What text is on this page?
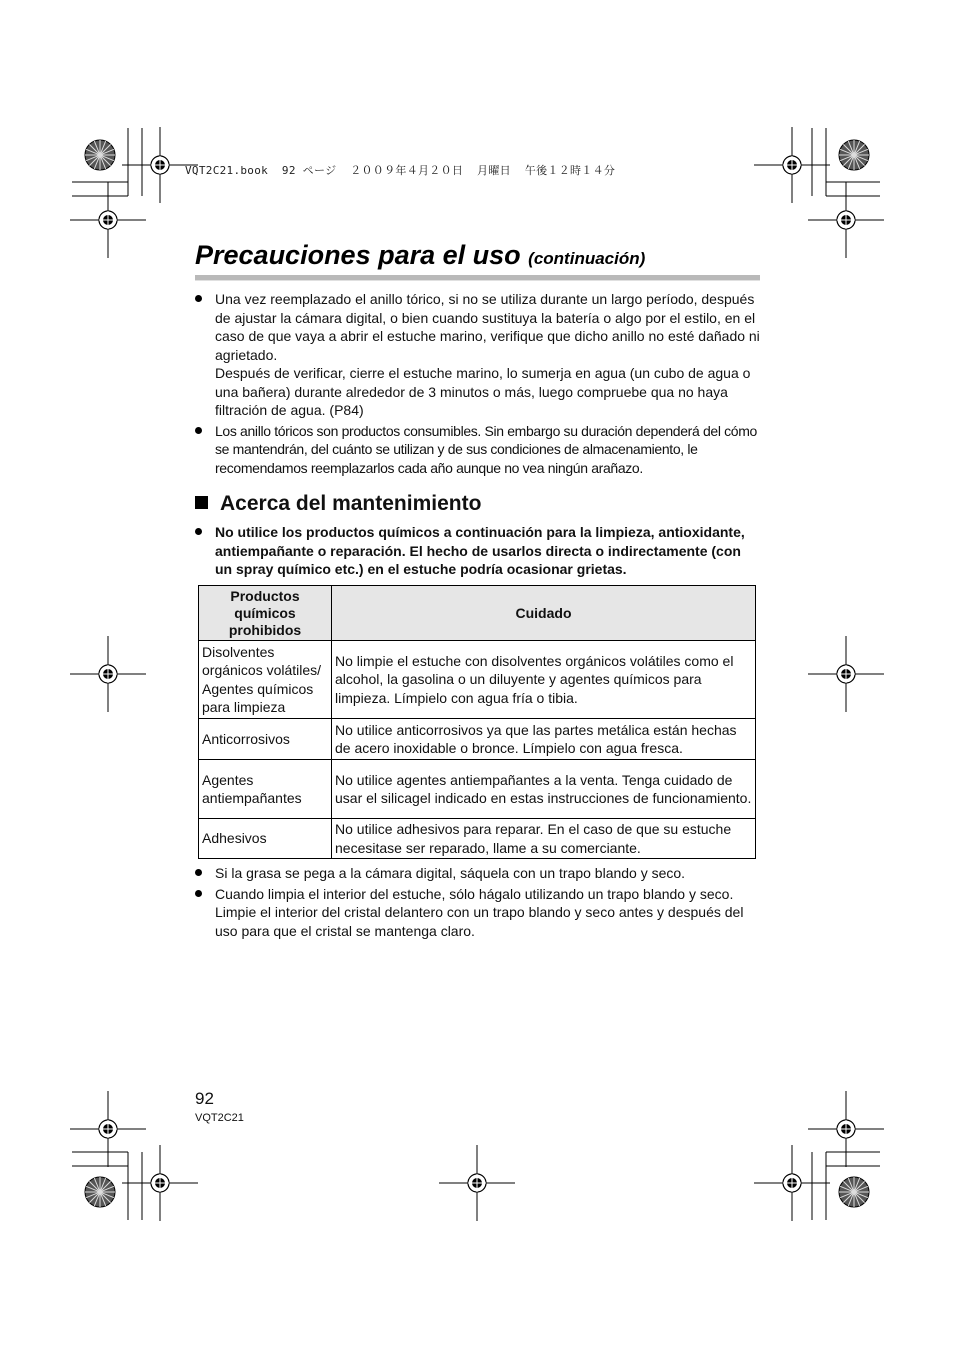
VQT2C21.book  92 ページ  ２００９年４月２０日  月曜日  午後１２時１４分
Precauciones para el uso (continuación)
Una vez reemplazado el anillo tórico, si no se utiliza durante un largo período, después de ajustar la cámara digital, o bien cuando sustituya la batería o algo por el estilo, en el caso de que vaya a abrir el estuche marino, verifique que dicho anillo no esté dañado ni agrietado.
Después de verificar, cierre el estuche marino, lo sumerja en agua (un cubo de agua o una bañera) durante alrededor de 3 minutos o más, luego compruebe qua no haya filtración de agua. (P84)
Los anillo tóricos son productos consumibles. Sin embargo su duración dependerá del cómo se mantendrán, del cuánto se utilizan y de sus condiciones de almacenamiento, le recomendamos reemplazarlos cada año aunque no vea ningún arañazo.
Acerca del mantenimiento
No utilice los productos químicos a continuación para la limpieza, antioxidante, antiempañante o reparación. El hecho de usarlos directa o indirectamente (con un spray químico etc.) en el estuche podría ocasionar grietas.
Productos químicos prohibidos	Cuidado
Disolventes orgánicos volátiles/ Agentes químicos para limpieza	No limpie el estuche con disolventes orgánicos volátiles como el alcohol, la gasolina o un diluyente y agentes químicos para limpieza. Límpielo con agua fría o tibia.
Anticorrosivos	No utilice anticorrosivos ya que las partes metálica están hechas de acero inoxidable o bronce. Límpielo con agua fresca.
Agentes antiempañantes	No utilice agentes antiempañantes a la venta. Tenga cuidado de usar el silicagel indicado en estas instrucciones de funcionamiento.
Adhesivos	No utilice adhesivos para reparar. En el caso de que su estuche necesitase ser reparado, llame a su comerciante.
Si la grasa se pega a la cámara digital, sáquela con un trapo blando y seco.
Cuando limpia el interior del estuche, sólo hágalo utilizando un trapo blando y seco. Limpie el interior del cristal delantero con un trapo blando y seco antes y después del uso para que el cristal se mantenga claro.
92
VQT2C21
